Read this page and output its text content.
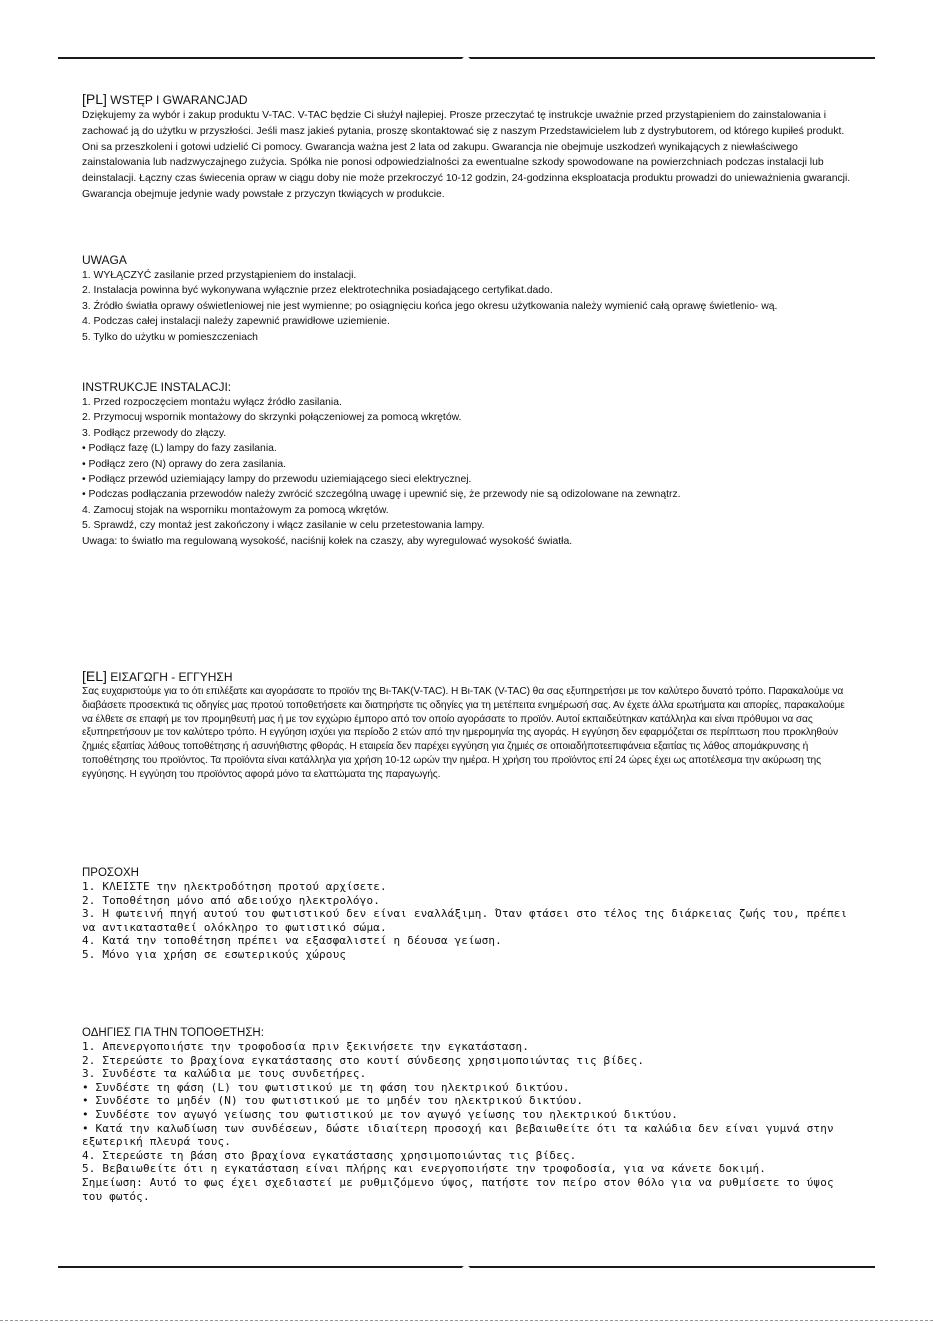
[PL] WSTĘP I GWARANCJAD

Dziękujemy za wybór i zakup produktu V-TAC. V-TAC będzie Ci służył najlepiej. Prosze przeczytać tę instrukcje uważnie przed przystąpieniem do zainstalowania i zachować ją do użytku w przyszłości. Jeśli masz jakieś pytania, proszę skontaktować się z naszym Przedstawicielem lub z dystrybutorem, od którego kupiłeś produkt. Oni sa przeszkoleni i gotowi udzielić Ci pomocy. Gwarancja ważna jest 2 lata od zakupu. Gwarancja nie obejmuje uszkodzeń wynikających z niewłaściwego zainstalowania lub nadzwyczajnego zużycia. Spółka nie ponosi odpowiedzialności za ewentualne szkody spowodowane na powierzchniach podczas instalacji lub deinstalacji. Łączny czas świecenia opraw w ciągu doby nie może przekroczyć 10-12 godzin, 24-godzinna eksploatacja produktu prowadzi do unieważnienia gwarancji. Gwarancja obejmuje jedynie wady powstałe z przyczyn tkwiących w produkcie.

UWAGA
1. WYŁĄCZYĆ zasilanie przed przystąpieniem do instalacji.
2. Instalacja powinna być wykonywana wyłącznie przez elektrotechnika posiadającego certyfikat.dado.
3. Źródło światła oprawy oświetleniowej nie jest wymienne; po osiągnięciu końca jego okresu użytkowania należy wymienić całą oprawę świetlenio- wą.
4. Podczas całej instalacji należy zapewnić prawidłowe uziemienie.
5. Tylko do użytku w pomieszczeniach
INSTRUKCJE INSTALACJI:
1. Przed rozpoczęciem montażu wyłącz źródło zasilania.
2. Przymocuj wspornik montażowy do skrzynki połączeniowej za pomocą wkrętów.
3. Podłącz przewody do złączy.
• Podłącz fazę (L) lampy do fazy zasilania.
• Podłącz zero (N) oprawy do zera zasilania.
• Podłącz przewód uziemiający lampy do przewodu uziemiającego sieci elektrycznej.
• Podczas podłączania przewodów należy zwrócić szczególną uwagę i upewnić się, że przewody nie są odizolowane na zewnątrz.
4. Zamocuj stojak na wsporniku montażowym za pomocą wkrętów.
5. Sprawdź, czy montaż jest zakończony i włącz zasilanie w celu przetestowania lampy.
Uwaga: to światło ma regulowaną wysokość, naciśnij kołek na czaszy, aby wyregulować wysokość światła.
[EL] ΕΙΣΑΓΩΓΗ - ΕΓΓΥΗΣΗ

Σας ευχαριστούμε για το ότι επιλέξατε και αγοράσατε το προϊόν της Βι-ΤΑΚ(V-TAC). Η Βι-ΤΑΚ (V-TAC) θα σας εξυπηρετήσει με τον καλύτερο δυνατό τρόπο. Παρακαλούμε να διαβάσετε προσεκτικά τις οδηγίες μας προτού τοποθετήσετε και διατηρήστε τις οδηγίες για τη μετέπειτα ενημέρωσή σας. Αν έχετε άλλα ερωτήματα και απορίες, παρακαλούμε να έλθετε σε επαφή με τον προμηθευτή μας ή με τον εγχώριο έμπορο από τον οποίο αγοράσατε το προϊόν. Αυτοί εκπαιδεύτηκαν κατάλληλα και είναι πρόθυμοι να σας εξυπηρετήσουν με τον καλύτερο τρόπο. Η εγγύηση ισχύει για περίοδο 2 ετών από την ημερομηνία της αγοράς. Η εγγύηση δεν εφαρμόζεται σε περίπτωση που προκληθούν ζημιές εξαιτίας λάθους τοποθέτησης ή ασυνήθιστης φθοράς. Η εταιρεία δεν παρέχει εγγύηση για ζημιές σε οποιαδήποτεεπιφάνεια εξαιτίας τις λάθος απομάκρυνσης ή τοποθέτησης του προϊόντος. Τα προϊόντα είναι κατάλληλα για χρήση 10-12 ωρών την ημέρα. Η χρήση του προϊόντος επί 24 ώρες έχει ως αποτέλεσμα την ακύρωση της εγγύησης. Η εγγύηση του προϊόντος αφορά μόνο τα ελαττώματα της παραγωγής.

ΠΡΟΣΟΧΗ
1. ΚΛΕΙΣΤΕ την ηλεκτροδότηση προτού αρχίσετε.
2. Τοποθέτηση μόνο από αδειούχο ηλεκτρολόγο.
3. Η φωτεινή πηγή αυτού του φωτιστικού δεν είναι εναλλάξιμη. Όταν φτάσει στο τέλος της διάρκειας ζωής του, πρέπει να αντικατασταθεί ολόκληρο το φωτιστικό σώμα.
4. Κατά την τοποθέτηση πρέπει να εξασφαλιστεί η δέουσα γείωση.
5. Μόνο για χρήση σε εσωτερικούς χώρους
ΟΔΗΓΙΕΣ ΓΙΑ ΤΗΝ ΤΟΠΟΘΕΤΗΣΗ:
1. Απενεργοποιήστε την τροφοδοσία πριν ξεκινήσετε την εγκατάσταση.
2. Στερεώστε το βραχίονα εγκατάστασης στο κουτί σύνδεσης χρησιμοποιώντας τις βίδες.
3. Συνδέστε τα καλώδια με τους συνδετήρες.
• Συνδέστε τη φάση (L) του φωτιστικού με τη φάση του ηλεκτρικού δικτύου.
• Συνδέστε το μηδέν (N) του φωτιστικού με το μηδέν του ηλεκτρικού δικτύου.
• Συνδέστε τον αγωγό γείωσης του φωτιστικού με τον αγωγό γείωσης του ηλεκτρικού δικτύου.
• Κατά την καλωδίωση των συνδέσεων, δώστε ιδιαίτερη προσοχή και βεβαιωθείτε ότι τα καλώδια δεν είναι γυμνά στην εξωτερική πλευρά τους.
4. Στερεώστε τη βάση στο βραχίονα εγκατάστασης χρησιμοποιώντας τις βίδες.
5. Βεβαιωθείτε ότι η εγκατάσταση είναι πλήρης και ενεργοποιήστε την τροφοδοσία, για να κάνετε δοκιμή.
Σημείωση: Αυτό το φως έχει σχεδιαστεί με ρυθμιζόμενο ύψος, πατήστε τον πείρο στον θόλο για να ρυθμίσετε το ύψος του φωτός.
